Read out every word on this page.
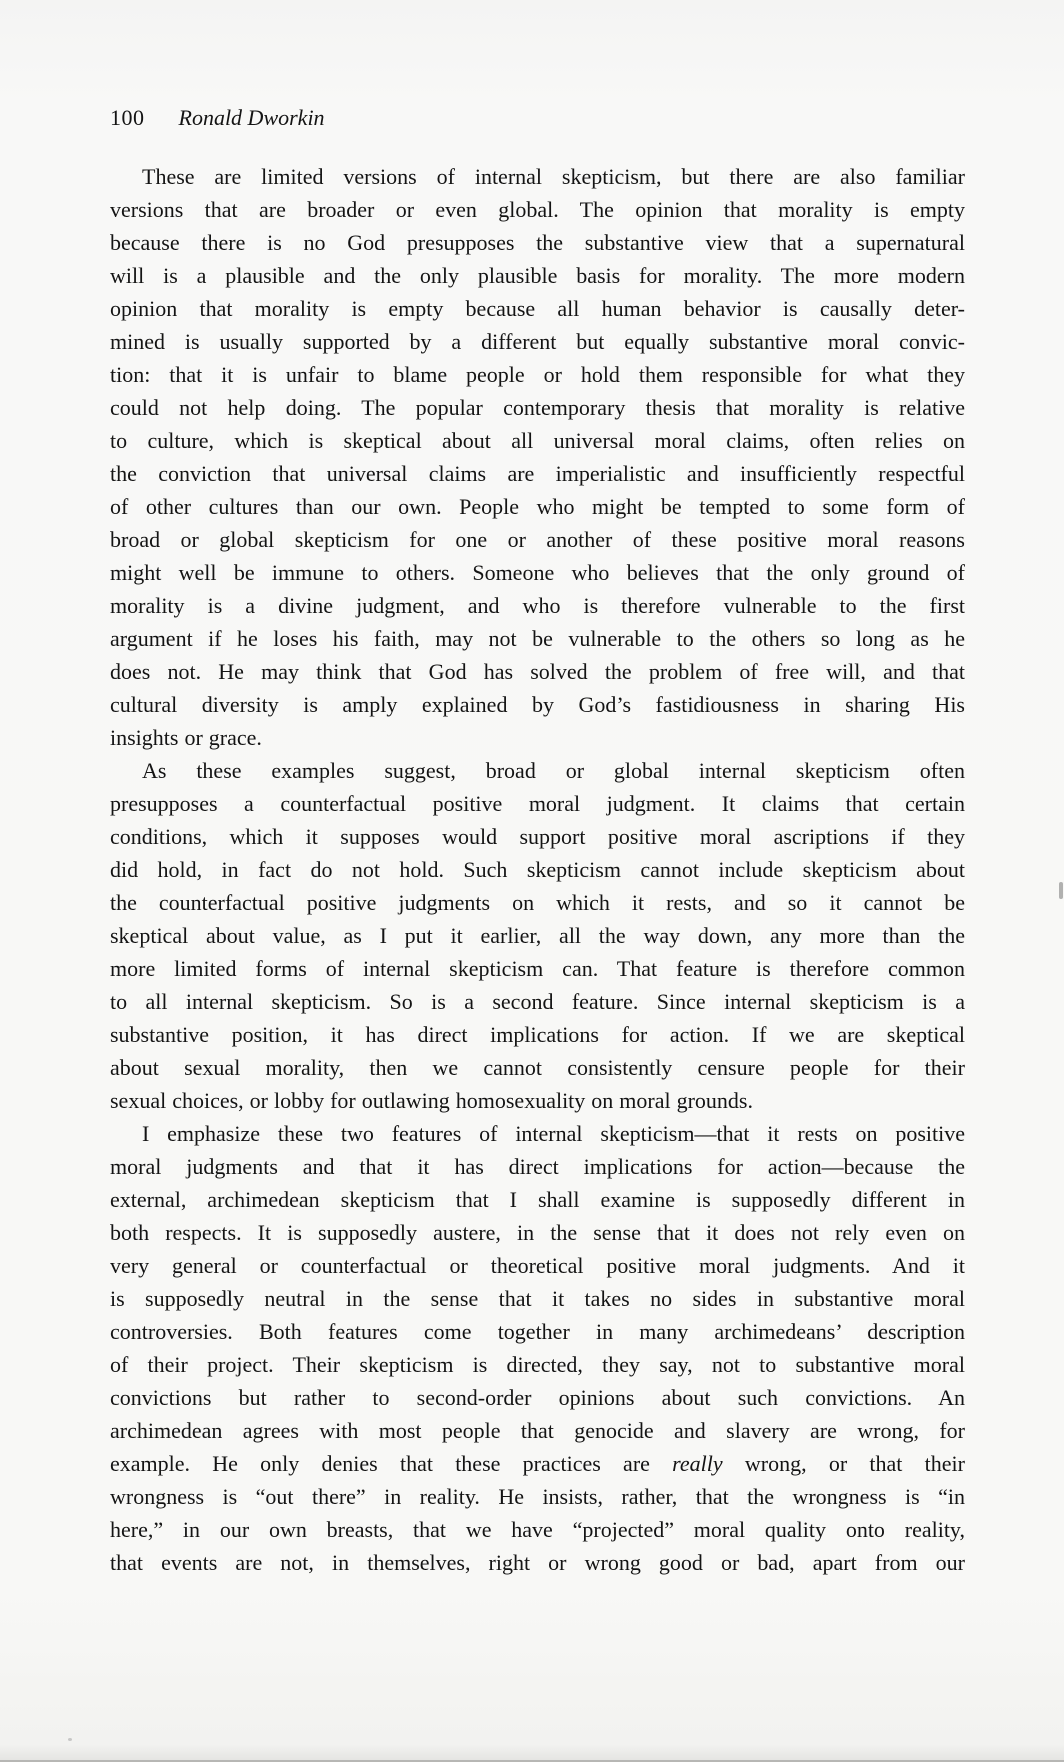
100 Ronald Dworkin
These are limited versions of internal skepticism, but there are also familiar
versions that are broader or even global. The opinion that morality is empty
because there is no God presupposes the substantive view that a supernatural
will is a plausible and the only plausible basis for morality. The more modern
opinion that morality is empty because all human behavior is causally deter-
mined is usually supported by a different but equally substantive moral convic-
tion: that it is unfair to blame people or hold them responsible for what they
could not help doing. The popular contemporary thesis that morality is relative
to culture, which is skeptical about all universal moral claims, often relies on
the conviction that universal claims are imperialistic and insufficiently respectful
of other cultures than our own. People who might be tempted to some form of
broad or global skepticism for one or another of these positive moral reasons
might well be immune to others. Someone who believes that the only ground of
morality is a divine judgment, and who is therefore vulnerable to the first
argument if he loses his faith, may not be vulnerable to the others so long as he
does not. He may think that God has solved the problem of free will, and that
cultural diversity is amply explained by God’s fastidiousness in sharing His
insights or grace.
As these examples suggest, broad or global internal skepticism often
presupposes a counterfactual positive moral judgment. It claims that certain
conditions, which it supposes would support positive moral ascriptions if they
did hold, in fact do not hold. Such skepticism cannot include skepticism about
the counterfactual positive judgments on which it rests, and so it cannot be
skeptical about value, as I put it earlier, all the way down, any more than the
more limited forms of internal skepticism can. That feature is therefore common
to all internal skepticism. So is a second feature. Since internal skepticism is a
substantive position, it has direct implications for action. If we are skeptical
about sexual morality, then we cannot consistently censure people for their
sexual choices, or lobby for outlawing homosexuality on moral grounds.
I emphasize these two features of internal skepticism—that it rests on positive
moral judgments and that it has direct implications for action—because the
external, archimedean skepticism that I shall examine is supposedly different in
both respects. It is supposedly austere, in the sense that it does not rely even on
very general or counterfactual or theoretical positive moral judgments. And it
is supposedly neutral in the sense that it takes no sides in substantive moral
controversies. Both features come together in many archimedeans’ description
of their project. Their skepticism is directed, they say, not to substantive moral
convictions but rather to second-order opinions about such convictions. An
archimedean agrees with most people that genocide and slavery are wrong, for
example. He only denies that these practices are really wrong, or that their
wrongness is “out there” in reality. He insists, rather, that the wrongness is “in
here,” in our own breasts, that we have “projected” moral quality onto reality,
that events are not, in themselves, right or wrong good or bad, apart from our
